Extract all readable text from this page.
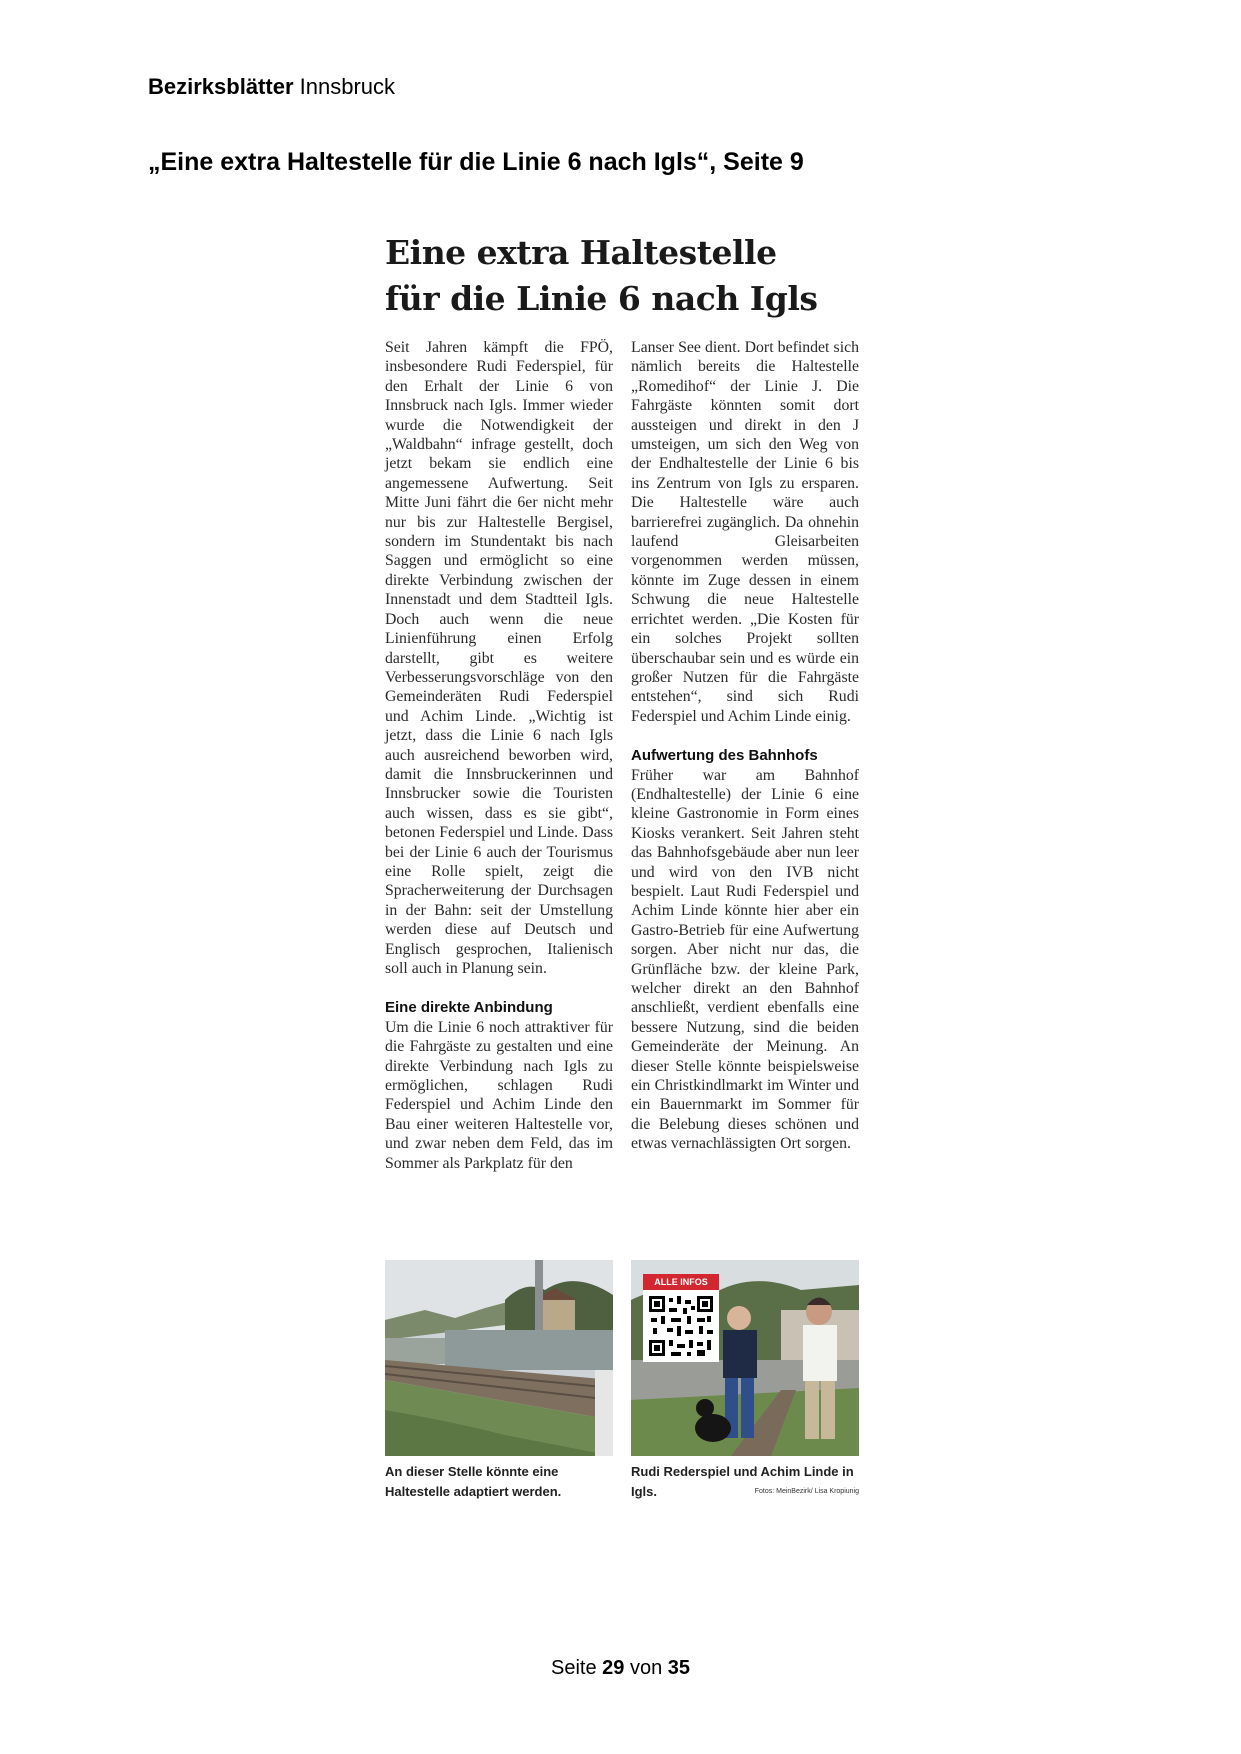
Bezirksblätter Innsbruck
„Eine extra Haltestelle für die Linie 6 nach Igls“, Seite 9
Eine extra Haltestelle
für die Linie 6 nach Igls

Seit Jahren kämpft die FPÖ, insbesondere Rudi Federspiel, für den Erhalt der Linie 6 von Innsbruck nach Igls. Immer wieder wurde die Notwendigkeit der „Waldbahn“ infrage gestellt, doch jetzt bekam sie endlich eine angemessene Aufwertung. Seit Mitte Juni fährt die 6er nicht mehr nur bis zur Haltestelle Bergisel, sondern im Stundentakt bis nach Saggen und ermöglicht so eine direkte Verbindung zwischen der Innenstadt und dem Stadtteil Igls. Doch auch wenn die neue Linienführung einen Erfolg darstellt, gibt es weitere Verbesserungsvorschläge von den Gemeinderäten Rudi Federspiel und Achim Linde. „Wichtig ist jetzt, dass die Linie 6 nach Igls auch ausreichend beworben wird, damit die Innsbruckerinnen und Innsbrucker sowie die Touristen auch wissen, dass es sie gibt“, betonen Federspiel und Linde. Dass bei der Linie 6 auch der Tourismus eine Rolle spielt, zeigt die Spracherweiterung der Durchsagen in der Bahn: seit der Umstellung werden diese auf Deutsch und Englisch gesprochen, Italienisch soll auch in Planung sein.

Eine direkte Anbindung

Um die Linie 6 noch attraktiver für die Fahrgäste zu gestalten und eine direkte Verbindung nach Igls zu ermöglichen, schlagen Rudi Federspiel und Achim Linde den Bau einer weiteren Haltestelle vor, und zwar neben dem Feld, das im Sommer als Parkplatz für den

Lanser See dient. Dort befindet sich nämlich bereits die Haltestelle „Romedihof“ der Linie J. Die Fahrgäste könnten somit dort aussteigen und direkt in den J umsteigen, um sich den Weg von der Endhaltestelle der Linie 6 bis ins Zentrum von Igls zu ersparen. Die Haltestelle wäre auch barrierefrei zugänglich. Da ohnehin laufend Gleisarbeiten vorgenommen werden müssen, könnte im Zuge dessen in einem Schwung die neue Haltestelle errichtet werden. „Die Kosten für ein solches Projekt sollten überschaubar sein und es würde ein großer Nutzen für die Fahrgäste entstehen“, sind sich Rudi Federspiel und Achim Linde einig.

Aufwertung des Bahnhofs

Früher war am Bahnhof (Endhaltestelle) der Linie 6 eine kleine Gastronomie in Form eines Kiosks verankert. Seit Jahren steht das Bahnhofsgebäude aber nun leer und wird von den IVB nicht bespielt. Laut Rudi Federspiel und Achim Linde könnte hier aber ein Gastro-Betrieb für eine Aufwertung sorgen. Aber nicht nur das, die Grünfläche bzw. der kleine Park, welcher direkt an den Bahnhof anschließt, verdient ebenfalls eine bessere Nutzung, sind die beiden Gemeinderäte der Meinung. An dieser Stelle könnte beispielsweise ein Christkindlmarkt im Winter und ein Bauernmarkt im Sommer für die Belebung dieses schönen und etwas vernachlässigten Ort sorgen.

ALLE INFOS
An dieser Stelle könnte eine Haltestelle adaptiert werden.
Rudi Rederspiel und Achim Linde in Igls.	Fotos: MeinBezirk/ Lisa Kropiunig
Seite 29 von 35
